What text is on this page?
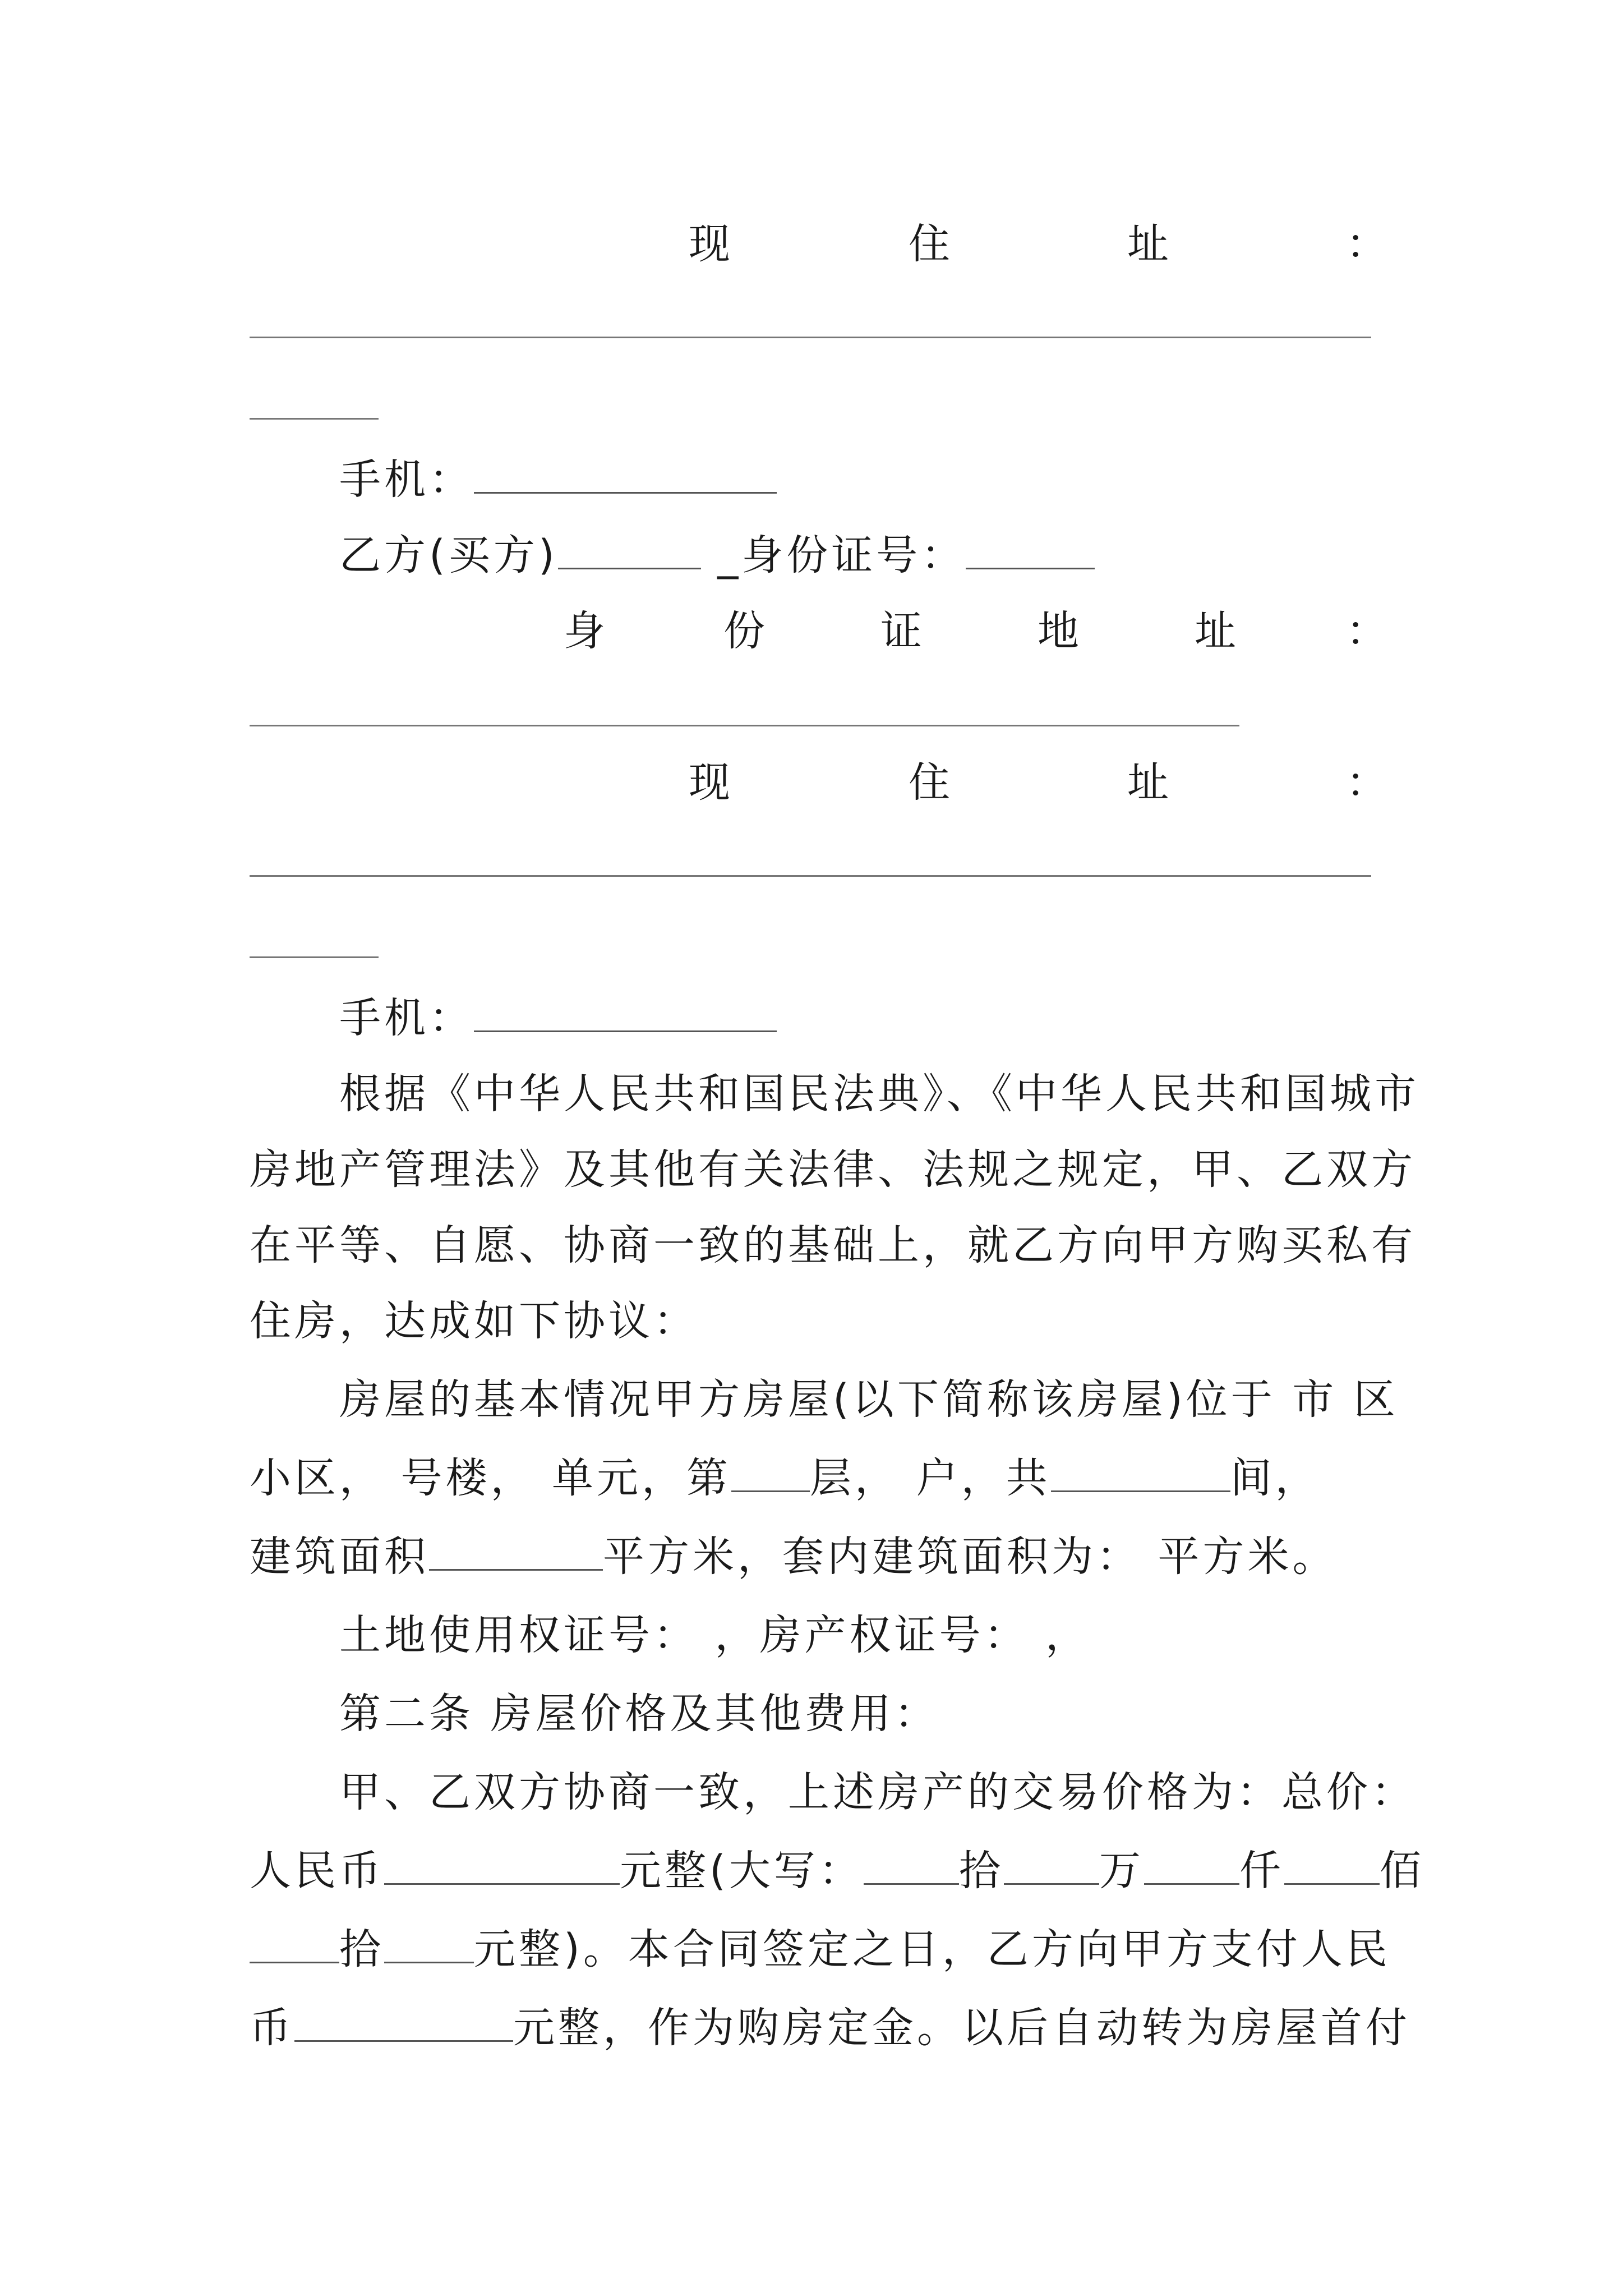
现	住	址	：
手机：
乙方(买方)	_身份证号：
身	份	证	地	址	：
现	住	址	：
手机：
根据《中华人民共和国民法典》、《中华人民共和国城市
房地产管理法》及其他有关法律、法规之规定，甲、乙双方
在平等、自愿、协商一致的基础上，就乙方向甲方购买私有
住房，达成如下协议：
房屋的基本情况甲方房屋(以下简称该房屋)位于 市 区
小区， 号楼， 单元，第 层， 户，共	间，
建筑面积	平方米，套内建筑面积为： 平方米。
土地使用权证号： ，房产权证号： ，
第二条 房屋价格及其他费用：
甲、乙双方协商一致，上述房产的交易价格为：总价：
人民币	元整(大写： 拾 万 仟 佰
拾 元整)。本合同签定之日，乙方向甲方支付人民
币	元整，作为购房定金。以后自动转为房屋首付
